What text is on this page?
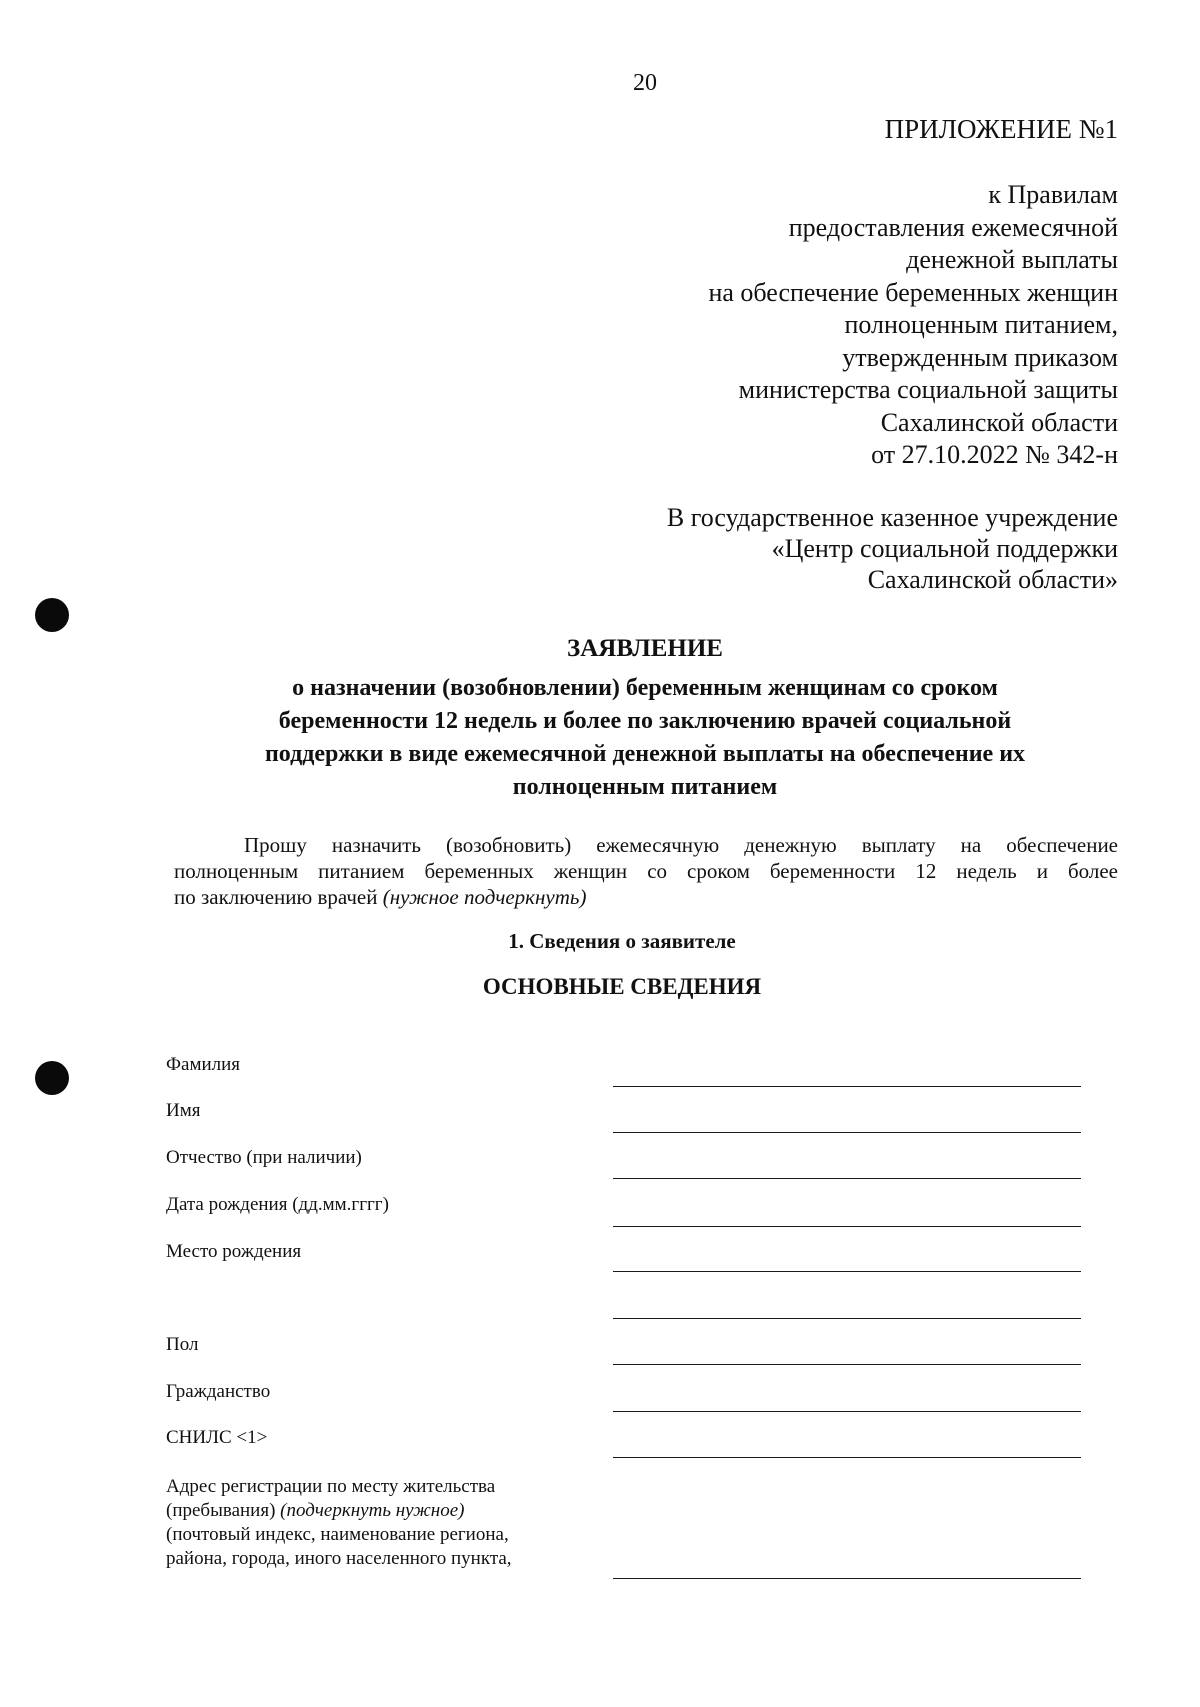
20
ПРИЛОЖЕНИЕ №1
к Правилам
предоставления ежемесячной
денежной выплаты
на обеспечение беременных женщин
полноценным питанием,
утвержденным приказом
министерства социальной защиты
Сахалинской области
от 27.10.2022 № 342-н
В государственное казенное учреждение
«Центр социальной поддержки
Сахалинской области»
ЗАЯВЛЕНИЕ
о назначении (возобновлении) беременным женщинам со сроком
беременности 12 недель и более по заключению врачей социальной
поддержки в виде ежемесячной денежной выплаты на обеспечение их
полноценным питанием
Прошу назначить (возобновить) ежемесячную денежную выплату на обеспечение
полноценным питанием беременных женщин со сроком беременности 12 недель и более
по заключению врачей (нужное подчеркнуть)
1. Сведения о заявителе
ОСНОВНЫЕ СВЕДЕНИЯ
Фамилия
Имя
Отчество (при наличии)
Дата рождения (дд.мм.гггг)
Место рождения
Пол
Гражданство
СНИЛС <1>
Адрес регистрации по месту жительства
(пребывания) (подчеркнуть нужное)
(почтовый индекс, наименование региона,
района, города, иного населенного пункта,
